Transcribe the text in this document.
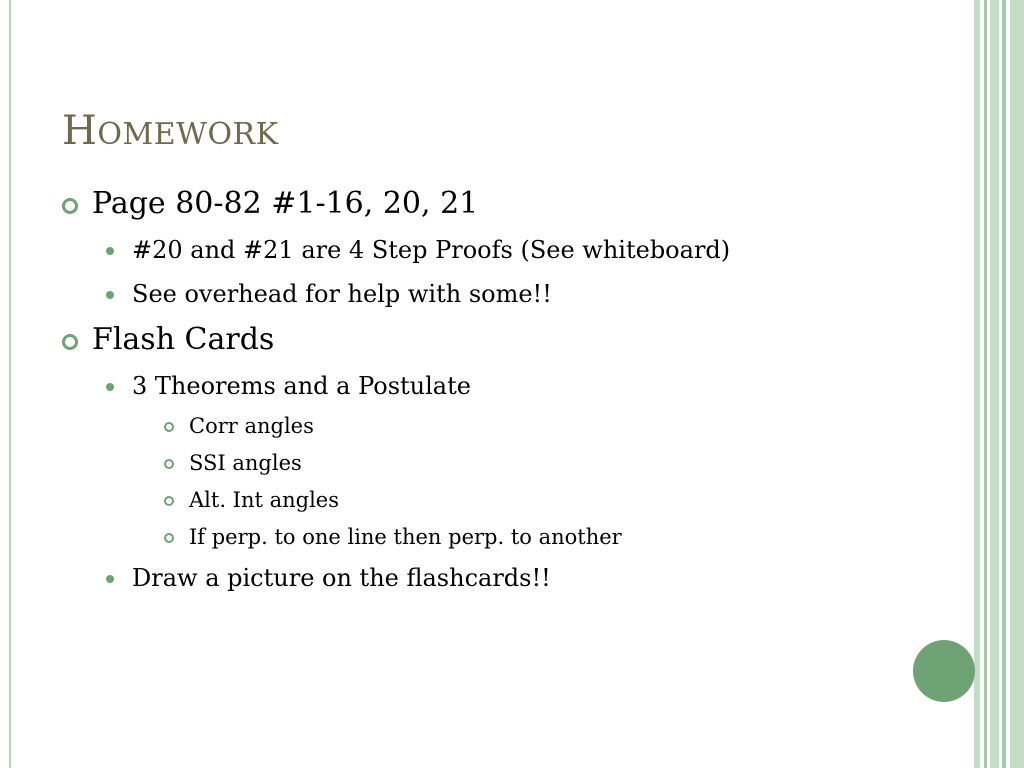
HOMEWORK
Page 80-82 #1-16, 20, 21
#20 and #21 are 4 Step Proofs (See whiteboard)
See overhead for help with some!!
Flash Cards
3 Theorems and a Postulate
Corr angles
SSI angles
Alt. Int angles
If perp. to one line then perp. to another
Draw a picture on the flashcards!!
